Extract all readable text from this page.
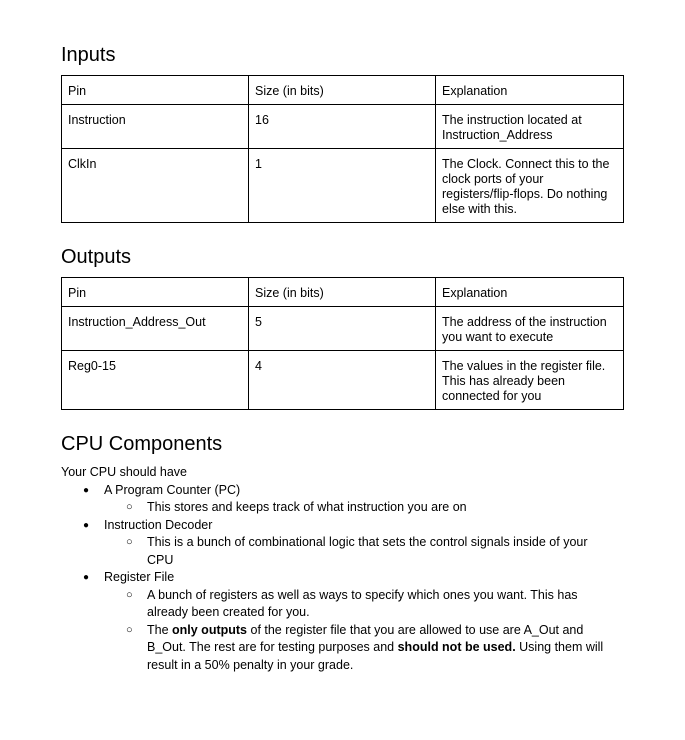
Inputs
Pin	Size (in bits)	Explanation
Instruction	16	The instruction located at Instruction_Address
ClkIn	1	The Clock. Connect this to the clock ports of your registers/flip-flops. Do nothing else with this.
Outputs
Pin	Size (in bits)	Explanation
Instruction_Address_Out	5	The address of the instruction you want to execute
Reg0-15	4	The values in the register file. This has already been connected for you
CPU Components
Your CPU should have
● A Program Counter (PC)
○ This stores and keeps track of what instruction you are on
● Instruction Decoder
○ This is a bunch of combinational logic that sets the control signals inside of your CPU
● Register File
○ A bunch of registers as well as ways to specify which ones you want. This has already been created for you.
○ The only outputs of the register file that you are allowed to use are A_Out and B_Out. The rest are for testing purposes and should not be used. Using them will result in a 50% penalty in your grade.
